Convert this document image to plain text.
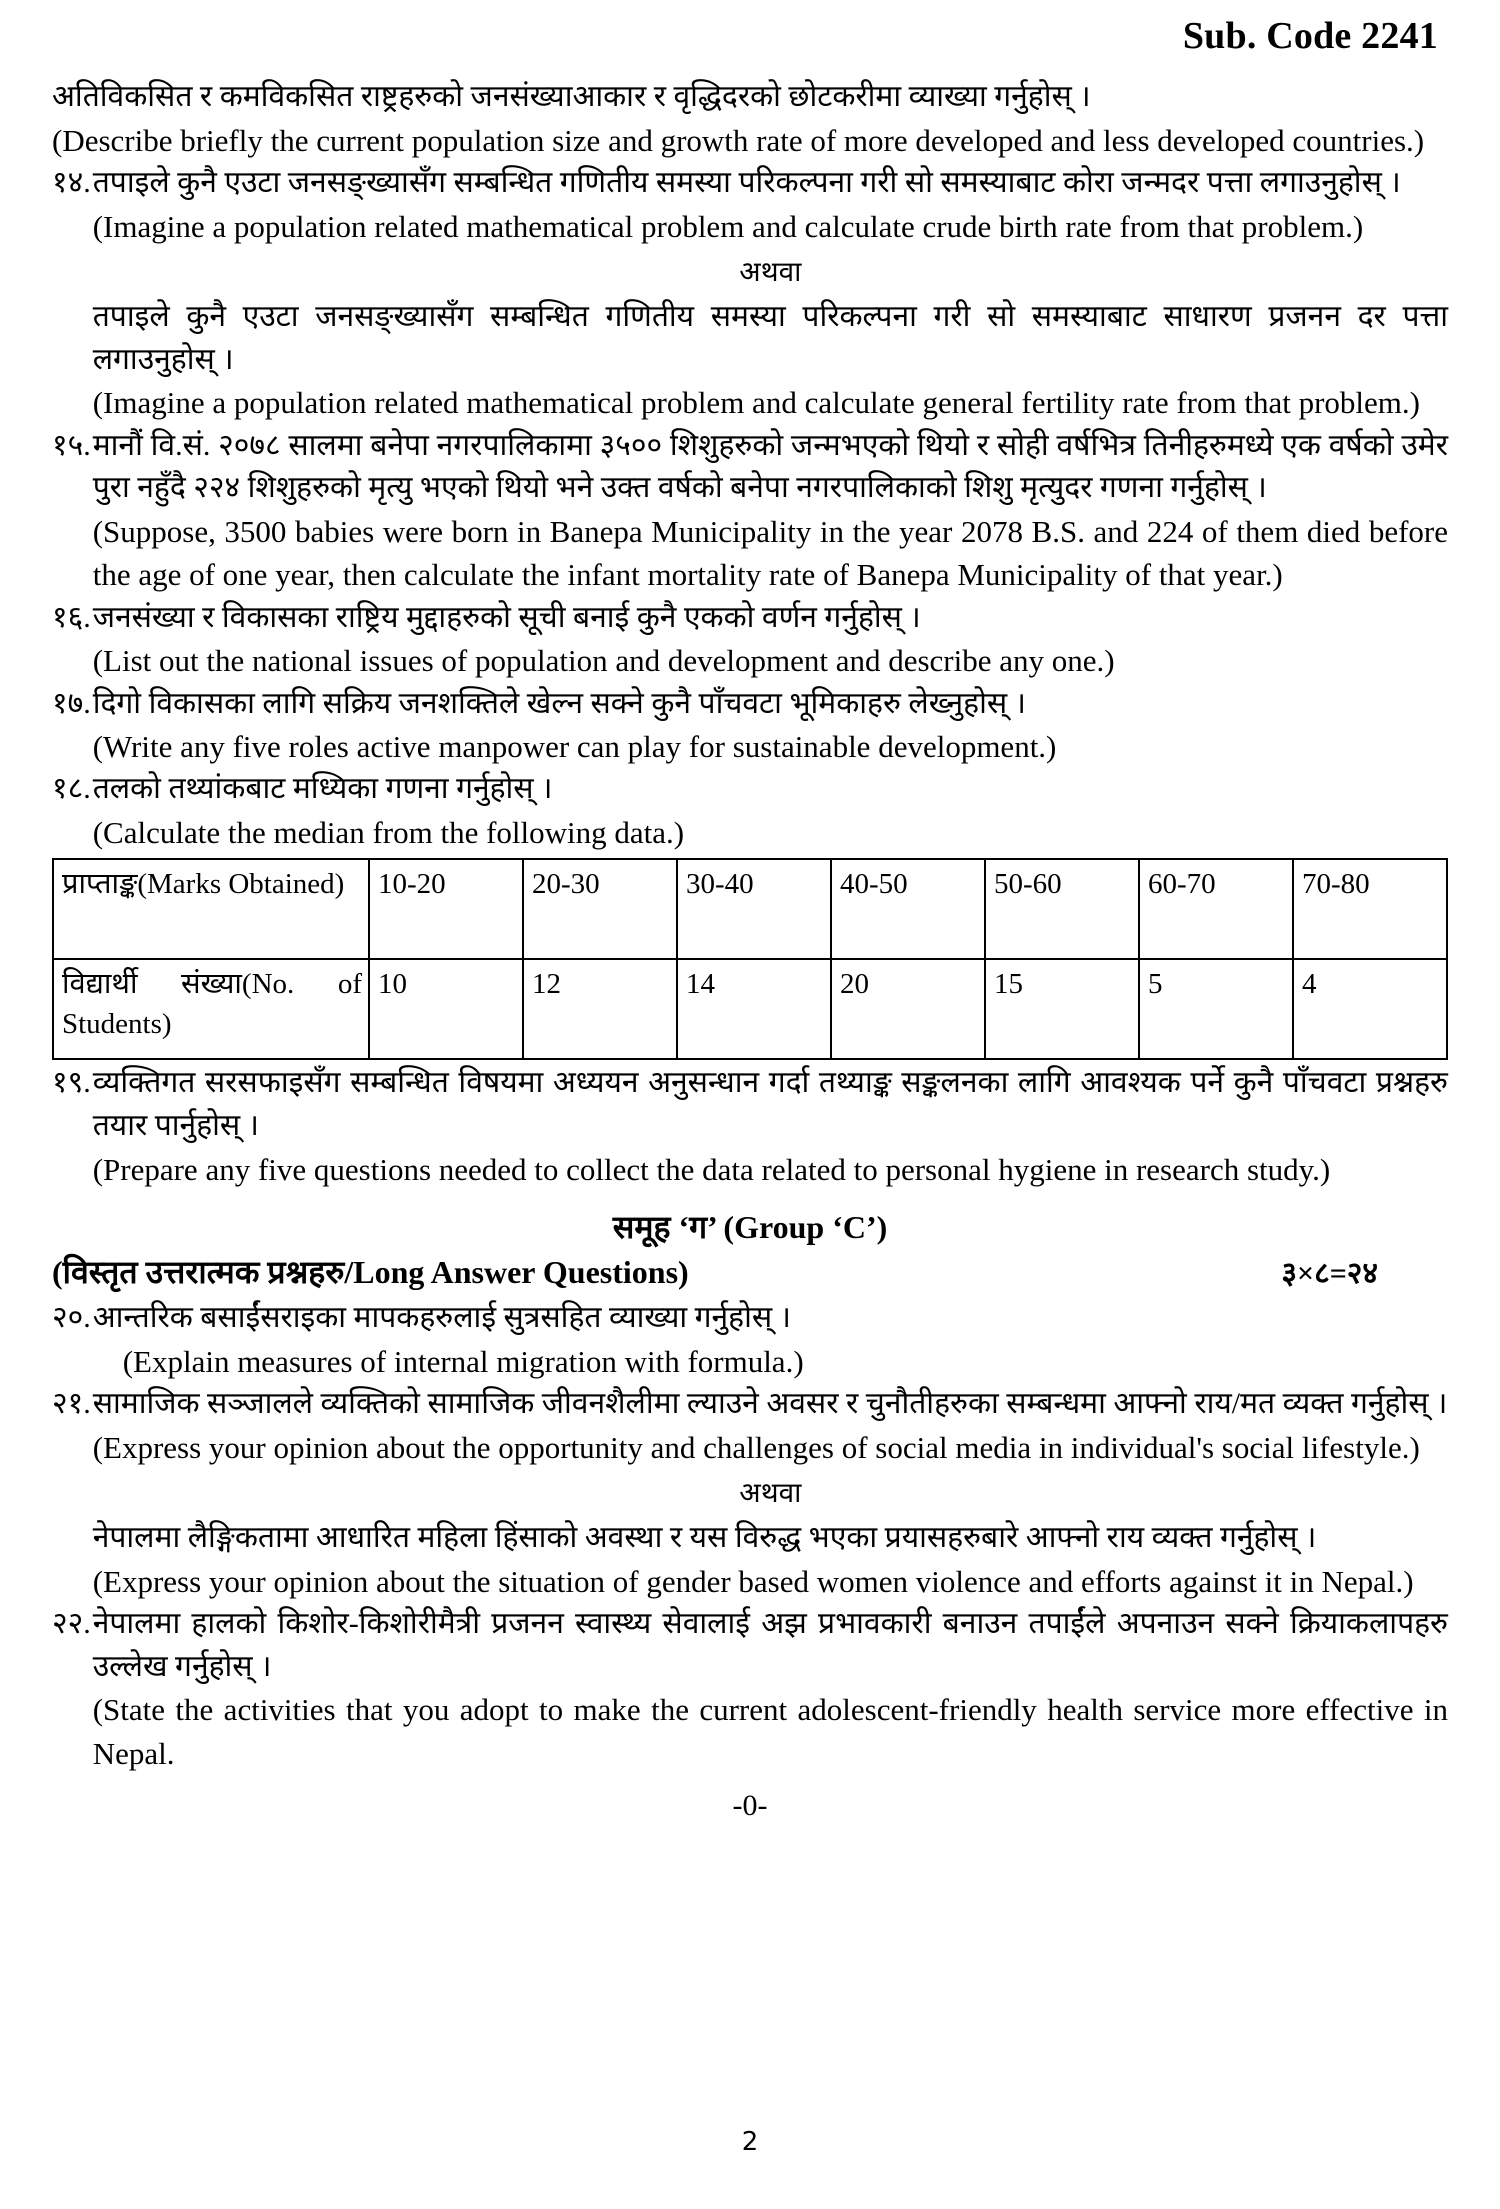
Sub. Code 2241

अतिविकसित र कमविकसित राष्ट्रहरुको जनसंख्याआकार र वृद्धिदरको छोटकरीमा व्याख्या गर्नुहोस् ।

(Describe briefly the current population size and growth rate of more developed and less developed countries.)

१४. तपाइले कुनै एउटा जनसङ्ख्यासँग सम्बन्धित गणितीय समस्या परिकल्पना गरी सो समस्याबाट कोरा जन्मदर पत्ता लगाउनुहोस् ।

(Imagine a population related mathematical problem and calculate crude birth rate from that problem.)

अथवा

तपाइले कुनै एउटा जनसङ्ख्यासँग सम्बन्धित गणितीय समस्या परिकल्पना गरी सो समस्याबाट साधारण प्रजनन दर पत्ता लगाउनुहोस् ।

(Imagine a population related mathematical problem and calculate general fertility rate from that problem.)

१५. मानौं वि.सं. २०७८ सालमा बनेपा नगरपालिकामा ३५०० शिशुहरुको जन्मभएको थियो र सोही वर्षभित्र तिनीहरुमध्ये एक वर्षको उमेर पुरा नहुँदै २२४ शिशुहरुको मृत्यु भएको थियो भने उक्त वर्षको बनेपा नगरपालिकाको शिशु मृत्युदर गणना गर्नुहोस् ।

(Suppose, 3500 babies were born in Banepa Municipality in the year 2078 B.S. and 224 of them died before the age of one year, then calculate the infant mortality rate of Banepa Municipality of that year.)

१६. जनसंख्या र विकासका राष्ट्रिय मुद्दाहरुको सूची बनाई कुनै एकको वर्णन गर्नुहोस् ।

(List out the national issues of population and development and describe any one.)

१७. दिगो विकासका लागि सक्रिय जनशक्तिले खेल्न सक्ने कुनै पाँचवटा भूमिकाहरु लेख्नुहोस् ।

(Write any five roles active manpower can play for sustainable development.)

१८. तलको तथ्यांकबाट मध्यिका गणना गर्नुहोस् ।

(Calculate the median from the following data.)

प्राप्ताङ्क(Marks Obtained)	10-20	20-30	30-40	40-50	50-60	60-70	70-80
विद्यार्थी संख्या(No. of Students)	10	12	14	20	15	5	4
१९. व्यक्तिगत सरसफाइसँग सम्बन्धित विषयमा अध्ययन अनुसन्धान गर्दा तथ्याङ्क सङ्कलनका लागि आवश्यक पर्ने कुनै पाँचवटा प्रश्नहरु तयार पार्नुहोस् ।

(Prepare any five questions needed to collect the data related to personal hygiene in research study.)

समूह ‘ग’ (Group ‘C’)
(विस्तृत उत्तरात्मक प्रश्नहरु/Long Answer Questions)	३×८=२४
२०. आन्तरिक बसाईंसराइका मापकहरुलाई सुत्रसहित व्याख्या गर्नुहोस् ।

(Explain measures of internal migration with formula.)

२१. सामाजिक सञ्जालले व्यक्तिको सामाजिक जीवनशैलीमा ल्याउने अवसर र चुनौतीहरुका सम्बन्धमा आफ्नो राय/मत व्यक्त गर्नुहोस् ।

(Express your opinion about the opportunity and challenges of social media in individual's social lifestyle.)

अथवा

नेपालमा लैङ्गिकतामा आधारित महिला हिंसाको अवस्था र यस विरुद्ध भएका प्रयासहरुबारे आफ्नो राय व्यक्त गर्नुहोस् ।

(Express your opinion about the situation of gender based women violence and efforts against it in Nepal.)

२२. नेपालमा हालको किशोर-किशोरीमैत्री प्रजनन स्वास्थ्य सेवालाई अझ प्रभावकारी बनाउन तपाईंले अपनाउन सक्ने क्रियाकलापहरु उल्लेख गर्नुहोस् ।

(State the activities that you adopt to make the current adolescent-friendly health service more effective in Nepal.

-0-
2
